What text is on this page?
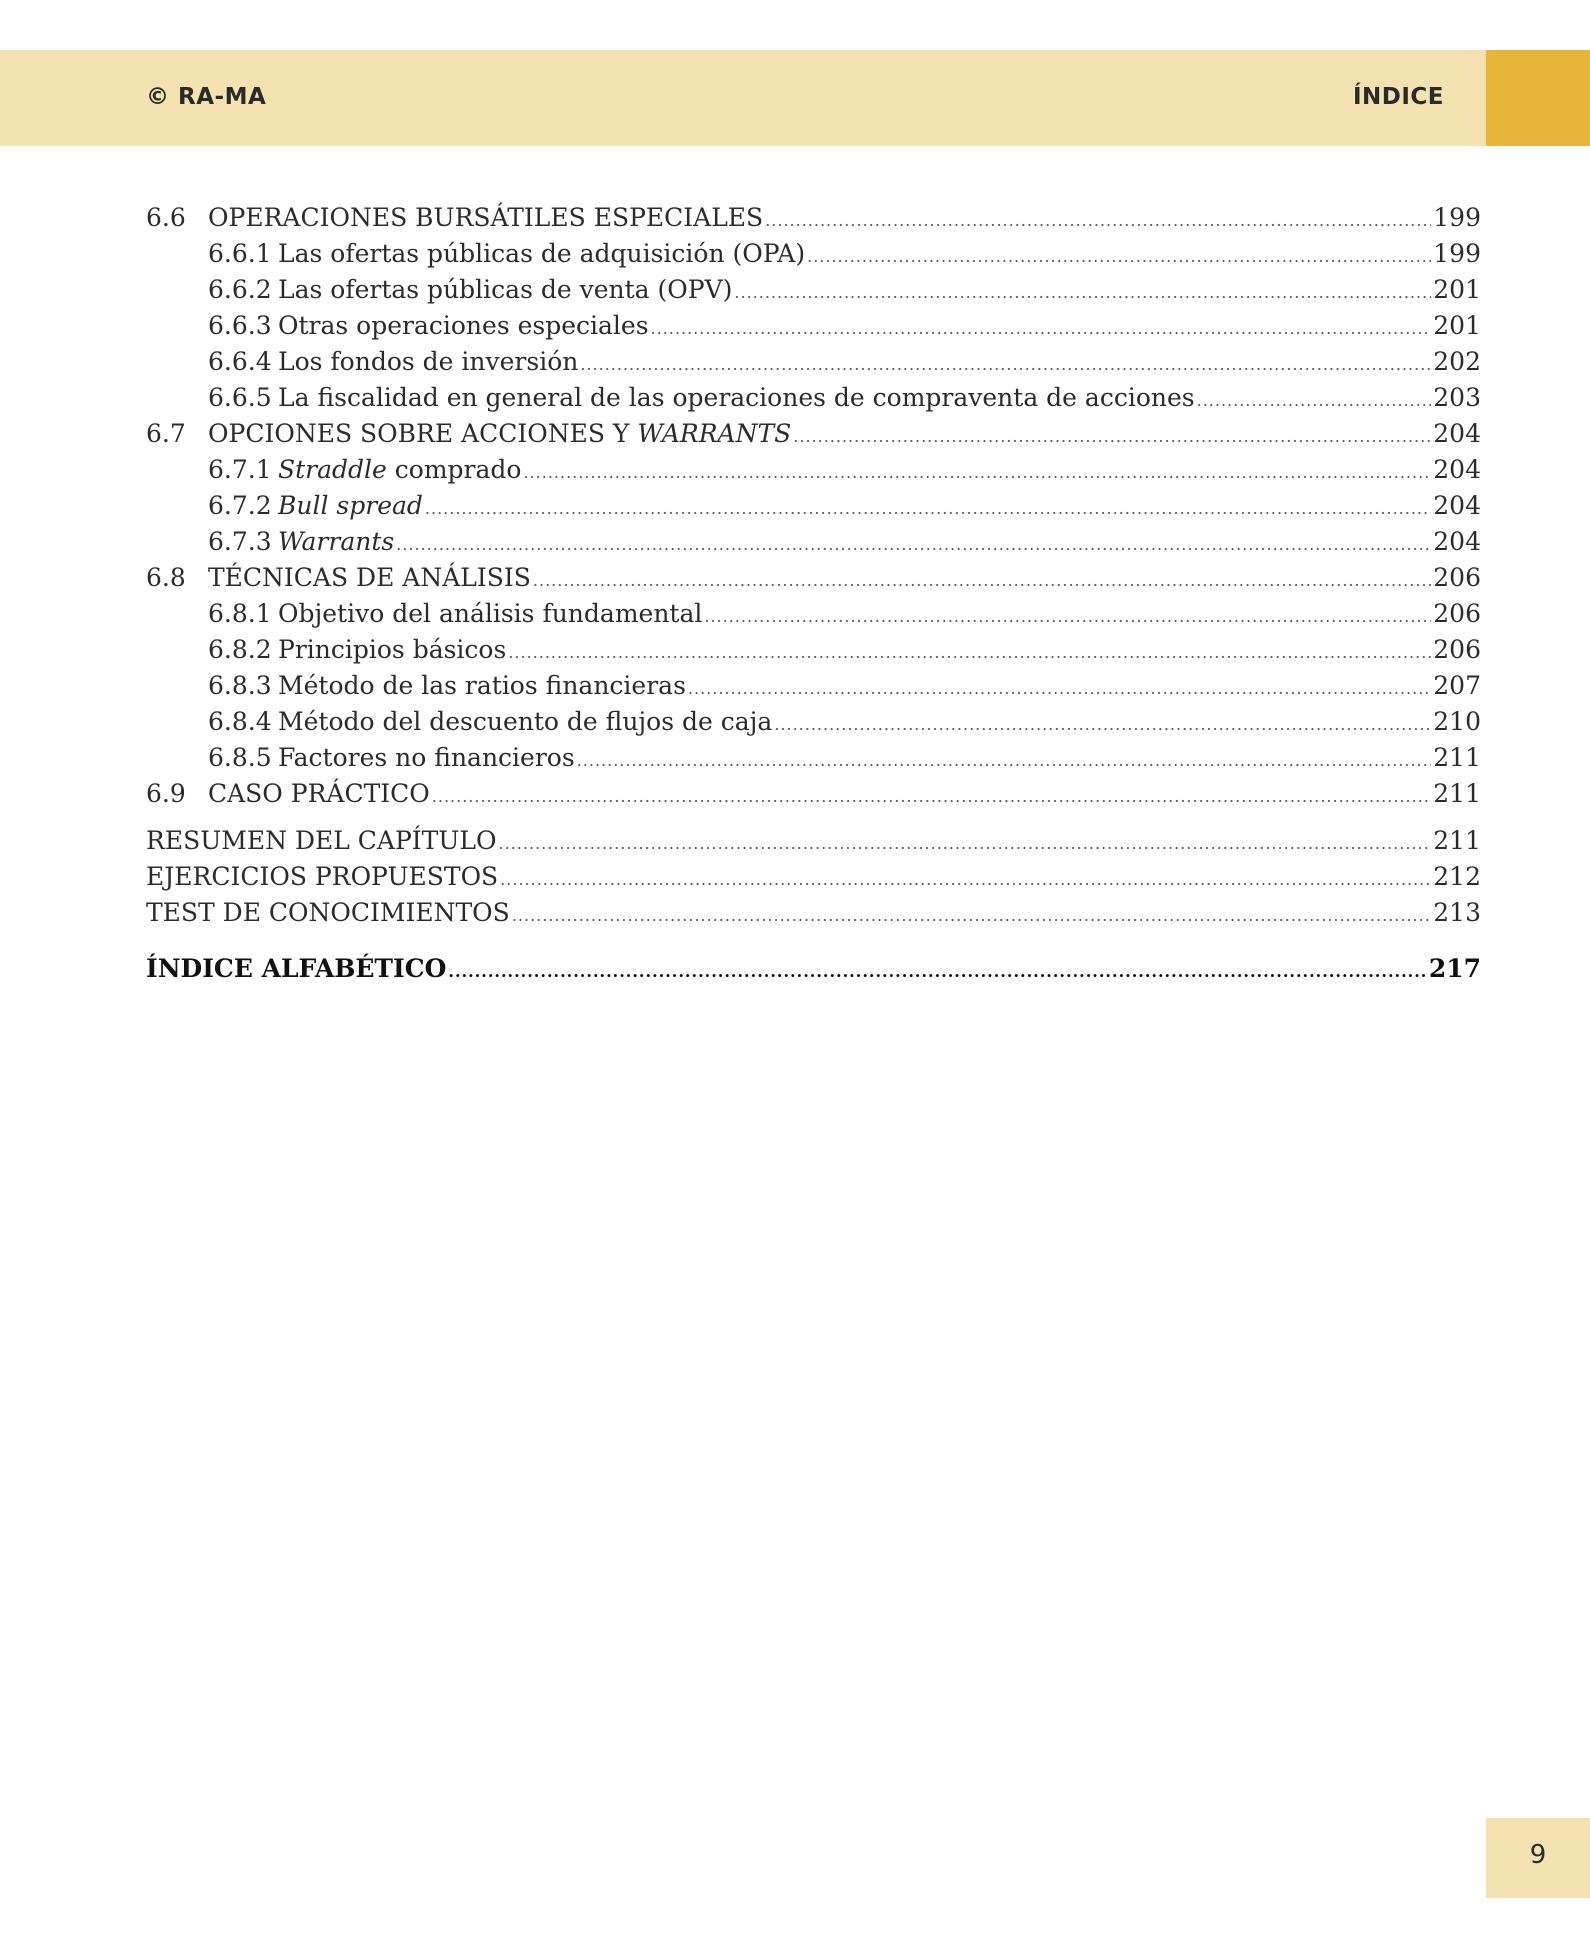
© RA-MA	ÍNDICE
6.6 OPERACIONES BURSÁTILES ESPECIALES .....	199
6.6.1 Las ofertas públicas de adquisición (OPA) .....	199
6.6.2 Las ofertas públicas de venta (OPV) .....	201
6.6.3 Otras operaciones especiales .....	201
6.6.4 Los fondos de inversión .....	202
6.6.5 La fiscalidad en general de las operaciones de compraventa de acciones .....	203
6.7 OPCIONES SOBRE ACCIONES Y WARRANTS .....	204
6.7.1 Straddle comprado .....	204
6.7.2 Bull spread .....	204
6.7.3 Warrants .....	204
6.8 TÉCNICAS DE ANÁLISIS .....	206
6.8.1 Objetivo del análisis fundamental .....	206
6.8.2 Principios básicos .....	206
6.8.3 Método de las ratios financieras .....	207
6.8.4 Método del descuento de flujos de caja .....	210
6.8.5 Factores no financieros .....	211
6.9 CASO PRÁCTICO .....	211
RESUMEN DEL CAPÍTULO .....	211
EJERCICIOS PROPUESTOS .....	212
TEST DE CONOCIMIENTOS .....	213
ÍNDICE ALFABÉTICO .....	217
9
